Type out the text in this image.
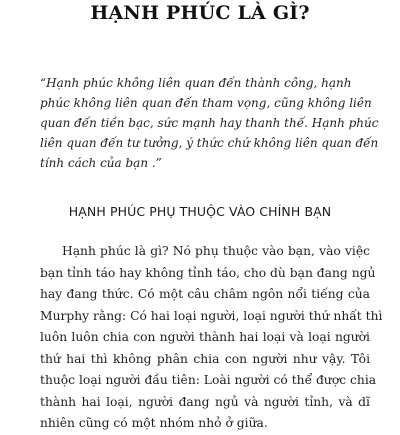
HẠNH PHÚC LÀ GÌ?
“Hạnh phúc không liên quan đến thành công, hạnh
phúc không liên quan đến tham vọng, cũng không liên
quan đến tiền bạc, sức mạnh hay thanh thế. Hạnh phúc
liên quan đến tư tưởng, ý thức chứ không liên quan đến
tính cách của bạn .”
HẠNH PHÚC PHỤ THUỘC VÀO CHÍNH BẠN
Hạnh phúc là gì? Nó phụ thuộc vào bạn, vào việc
bạn tỉnh táo hay không tỉnh táo, cho dù bạn đang ngủ
hay đang thức. Có một câu châm ngôn nổi tiếng của
Murphy rằng: Có hai loại người, loại người thứ nhất thì
luôn luôn chia con người thành hai loại và loại người
thứ hai thì không phân chia con người như vậy. Tôi
thuộc loại người đầu tiên: Loài người có thể được chia
thành hai loại, người đang ngủ và người tỉnh, và dĩ
nhiên cũng có một nhóm nhỏ ở giữa.
